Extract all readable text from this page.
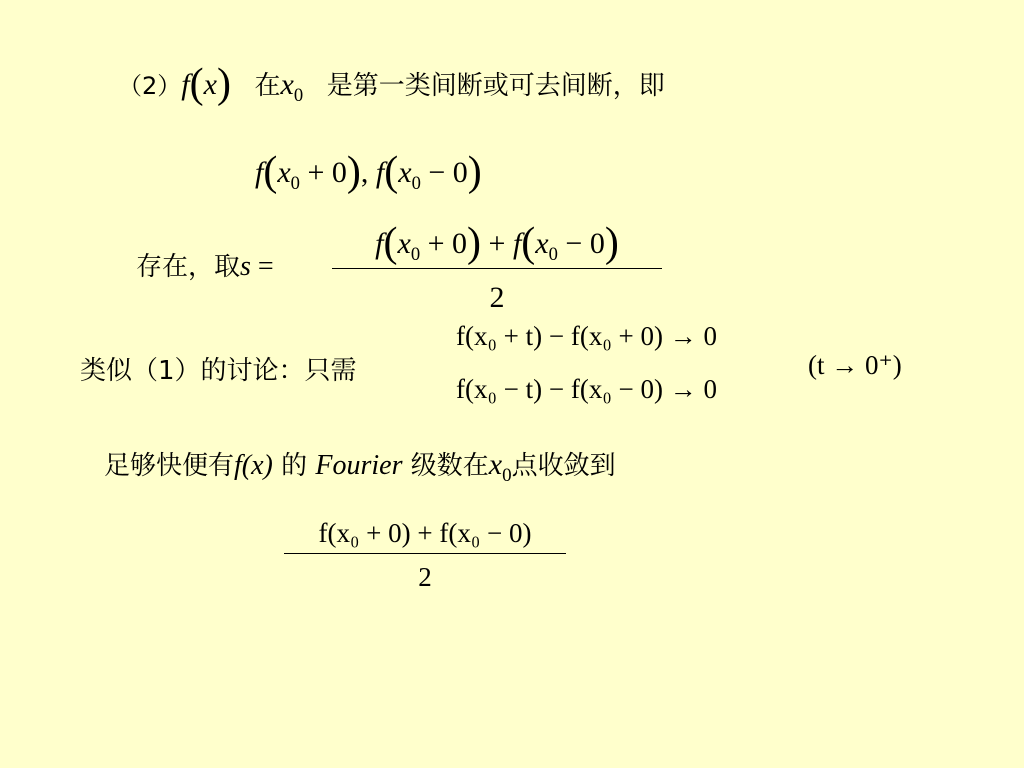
（2）f(x) 在$x_0$ 是第一类间断或可去间断，即
$f(x_0 + 0)$, $f(x_0 - 0)$
存在，取s =
$f(x_0 + 0) + f(x_0 - 0)$
2
类似（1）的讨论：只需
f(x₀ + t) − f(x₀ + 0) → 0
f(x₀ − t) − f(x₀ − 0) → 0
(t → 0⁺)
足够快便有f(x) 的 Fourier 级数在$x_0$点收敛到
f(x₀ + 0) + f(x₀ − 0)
2
